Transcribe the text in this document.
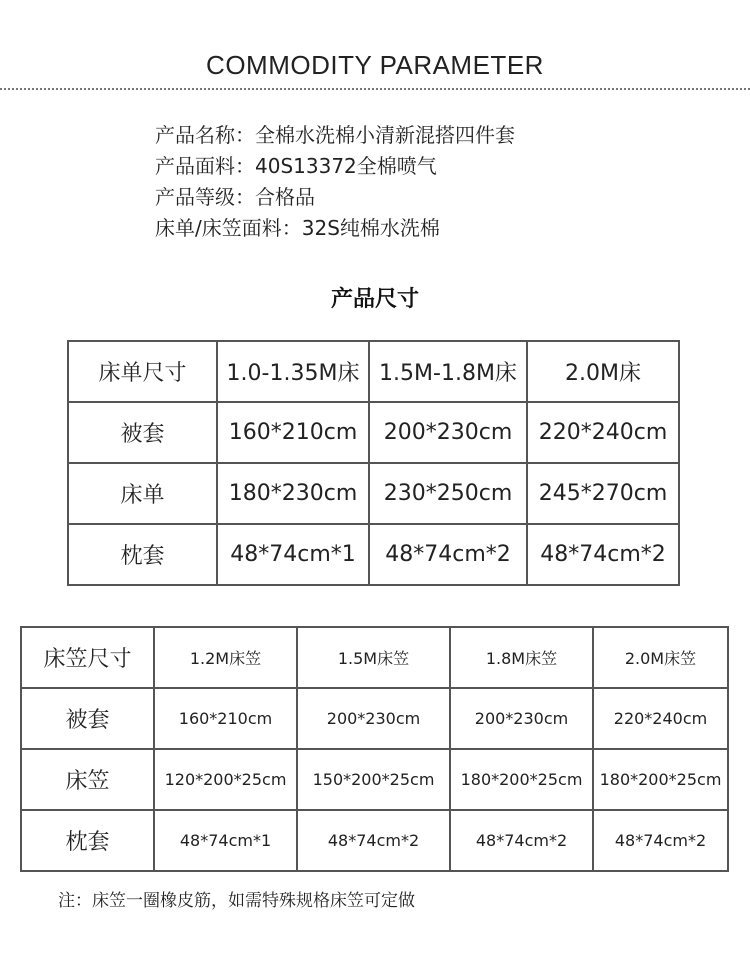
COMMODITY PARAMETER
产品名称：全棉水洗棉小清新混搭四件套
产品面料：40S13372全棉喷气
产品等级：合格品
床单/床笠面料：32S纯棉水洗棉
产品尺寸
床单尺寸	1.0-1.35M床	1.5M-1.8M床	2.0M床
被套	160*210cm	200*230cm	220*240cm
床单	180*230cm	230*250cm	245*270cm
枕套	48*74cm*1	48*74cm*2	48*74cm*2
床笠尺寸	1.2M床笠	1.5M床笠	1.8M床笠	2.0M床笠
被套	160*210cm	200*230cm	200*230cm	220*240cm
床笠	120*200*25cm	150*200*25cm	180*200*25cm	180*200*25cm
枕套	48*74cm*1	48*74cm*2	48*74cm*2	48*74cm*2
注：床笠一圈橡皮筋，如需特殊规格床笠可定做
